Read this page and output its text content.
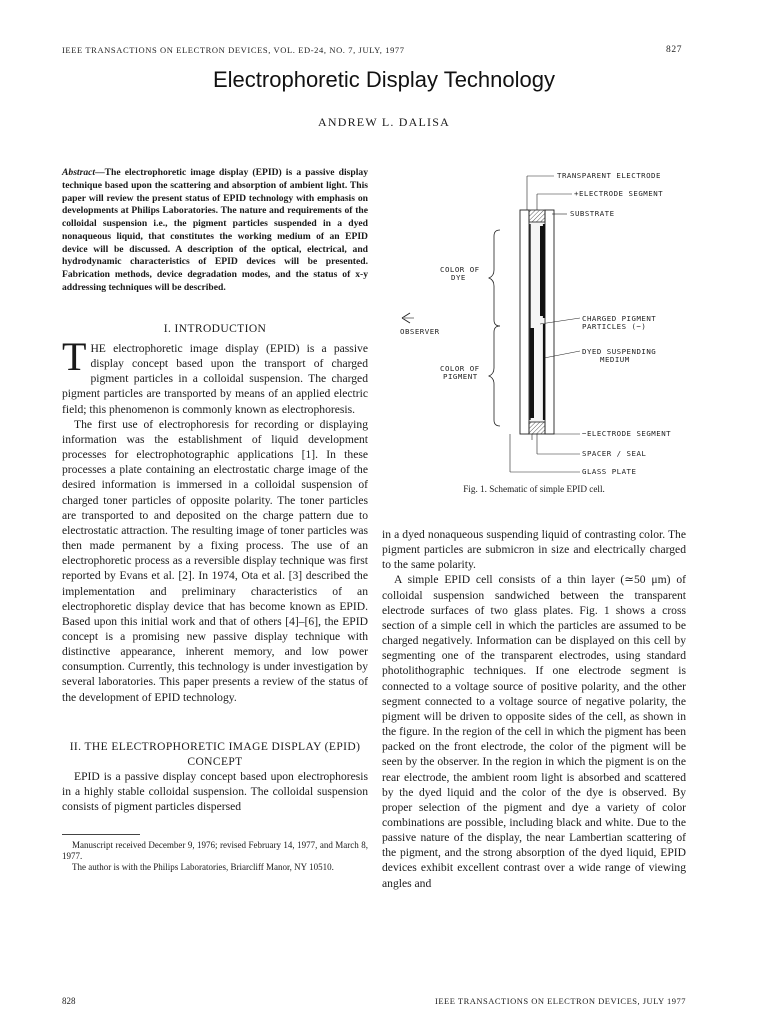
IEEE TRANSACTIONS ON ELECTRON DEVICES, VOL. ED-24, NO. 7, JULY, 1977	827
Electrophoretic Display Technology
ANDREW L. DALISA
Abstract—The electrophoretic image display (EPID) is a passive display technique based upon the scattering and absorption of ambient light. This paper will review the present status of EPID technology with emphasis on developments at Philips Laboratories. The nature and requirements of the colloidal suspension i.e., the pigment particles suspended in a dyed nonaqueous liquid, that constitutes the working medium of an EPID device will be discussed. A description of the optical, electrical, and hydrodynamic characteristics of EPID devices will be presented. Fabrication methods, device degradation modes, and the status of x-y addressing techniques will be described.
I. INTRODUCTION

THE electrophoretic image display (EPID) is a passive display concept based upon the transport of charged pigment particles in a colloidal suspension. The charged pigment particles are transported by means of an applied electric field; this phenomenon is commonly known as electrophoresis.

The first use of electrophoresis for recording or displaying information was the establishment of liquid development processes for electrophotographic applications [1]. In these processes a plate containing an electrostatic charge image of the desired information is immersed in a colloidal suspension of charged toner particles of opposite polarity. The toner particles are transported to and deposited on the charge pattern due to electrostatic attraction. The resulting image of toner particles was then made permanent by a fixing process. The use of an electrophoretic process as a reversible display technique was first reported by Evans et al. [2]. In 1974, Ota et al. [3] described the implementation and preliminary characteristics of an electrophoretic display device that has become known as EPID. Based upon this initial work and that of others [4]–[6], the EPID concept is a promising new passive display technique with distinctive appearance, inherent memory, and low power consumption. Currently, this technology is under investigation by several laboratories. This paper presents a review of the status of the development of EPID technology.

II. THE ELECTROPHORETIC IMAGE DISPLAY (EPID)
CONCEPT

EPID is a passive display concept based upon electrophoresis in a highly stable colloidal suspension. The colloidal suspension consists of pigment particles dispersed

Manuscript received December 9, 1976; revised February 14, 1977, and March 8, 1977.

The author is with the Philips Laboratories, Briarcliff Manor, NY 10510.

TRANSPARENT ELECTRODE
+ELECTRODE SEGMENT
SUBSTRATE
COLOR OF
DYE
CHARGED PIGMENT
PARTICLES (−)
OBSERVER
DYED SUSPENDING
MEDIUM
COLOR OF
PIGMENT
−ELECTRODE SEGMENT
SPACER / SEAL
GLASS PLATE
Fig. 1. Schematic of simple EPID cell.

in a dyed nonaqueous suspending liquid of contrasting color. The pigment particles are submicron in size and electrically charged to the same polarity.

A simple EPID cell consists of a thin layer (≃50 μm) of colloidal suspension sandwiched between the transparent electrode surfaces of two glass plates. Fig. 1 shows a cross section of a simple cell in which the particles are assumed to be charged negatively. Information can be displayed on this cell by segmenting one of the transparent electrodes, using standard photolithographic techniques. If one electrode segment is connected to a voltage source of positive polarity, and the other segment connected to a voltage source of negative polarity, the pigment will be driven to opposite sides of the cell, as shown in the figure. In the region of the cell in which the pigment has been packed on the front electrode, the color of the pigment will be seen by the observer. In the region in which the pigment is on the rear electrode, the ambient room light is absorbed and scattered by the dyed liquid and the color of the dye is observed. By proper selection of the pigment and dye a variety of color combinations are possible, including black and white. Due to the passive nature of the display, the near Lambertian scattering of the pigment, and the strong absorption of the dyed liquid, EPID devices exhibit excellent contrast over a wide range of viewing angles and

828	IEEE TRANSACTIONS ON ELECTRON DEVICES, JULY 1977
